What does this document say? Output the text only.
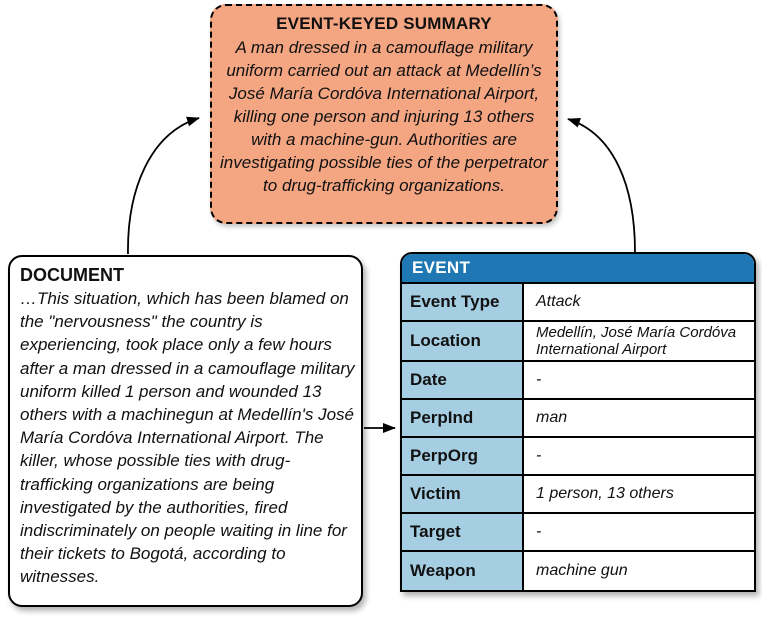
EVENT-KEYED SUMMARY
A man dressed in a camouflage military uniform carried out an attack at Medellín’s José María Cordóva International Airport, killing one person and injuring 13 others with a machine-gun. Authorities are investigating possible ties of the perpetrator to drug-trafficking organizations.
DOCUMENT
…This situation, which has been blamed on the "nervousness" the country is experiencing, took place only a few hours after a man dressed in a camouflage military uniform killed 1 person and wounded 13 others with a machinegun at Medellín's José María Cordóva International Airport. The killer, whose possible ties with drug-trafficking organizations are being investigated by the authorities, fired indiscriminately on people waiting in line for their tickets to Bogotá, according to witnesses.
EVENT
Event Type	Attack
Location	Medellín, José María Cordóva International Airport
Date	-
PerpInd	man
PerpOrg	-
Victim	1 person, 13 others
Target	-
Weapon	machine gun
